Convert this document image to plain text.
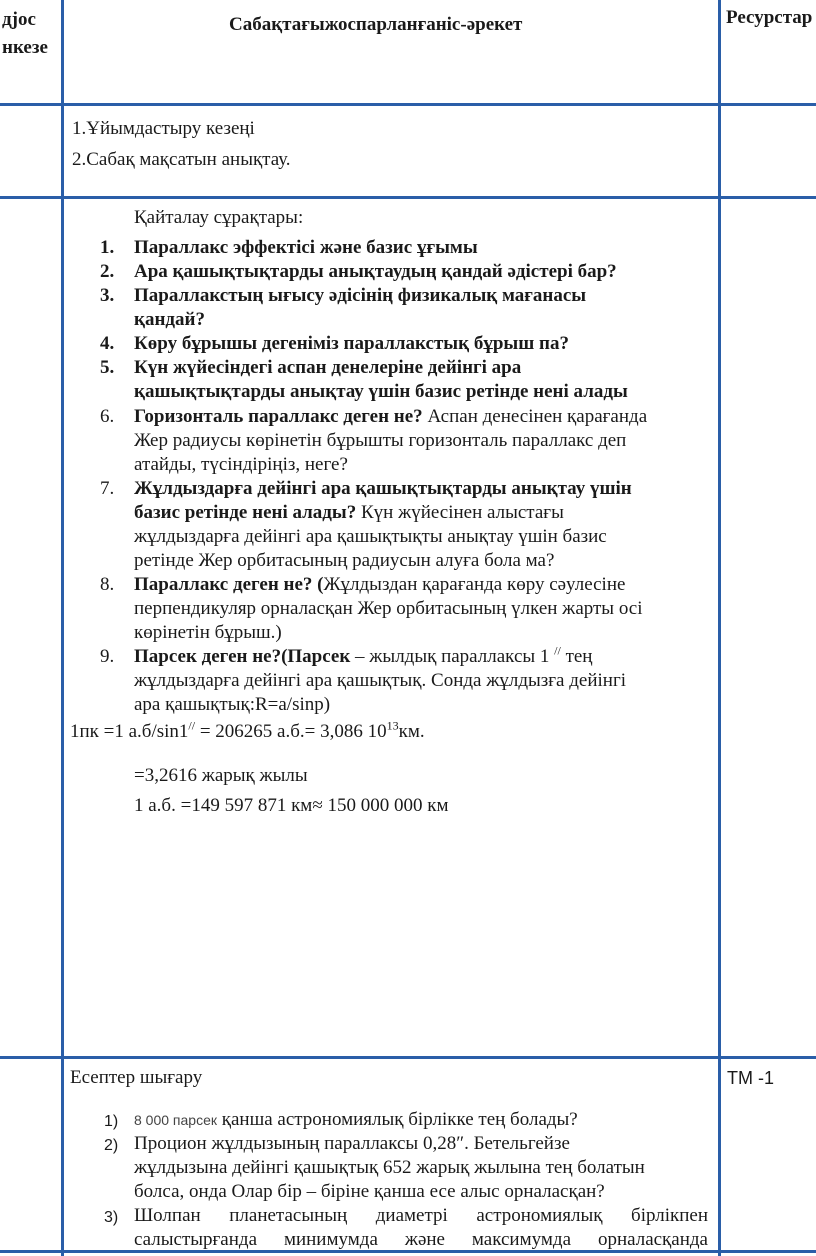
дjoc
нкезе
Сабақтағыжоспарланғаніс-әрекет	Ресурстар
1.Ұйымдастыру кезеңі
2.Сабақ мақсатын анықтау.
Қайталау сұрақтары:
1. Параллакс эффектісі және базис ұғымы
2. Ара қашықтықтарды анықтаудың қандай әдістері бар?
3. Параллакстың ығысу әдісінің физикалық мағанасы
қандай?
4. Көру бұрышы дегеніміз параллакстық бұрыш па?
5. Күн жүйесіндегі аспан денелеріне дейінгі ара
қашықтықтарды анықтау үшін базис ретінде нені алады
6. Горизонталь параллакс деген не? Аспан денесінен қарағанда
Жер радиусы көрінетін бұрышты горизонталь параллакс деп
атайды, түсіндіріңіз, неге?
7. Жұлдыздарға дейінгі ара қашықтықтарды анықтау үшін
базис ретінде нені алады? Күн жүйесінен алыстағы
жұлдыздарға дейінгі ара қашықтықты анықтау үшін базис
ретінде Жер орбитасының радиусын алуға бола ма?
8. Параллакс деген не? (Жұлдыздан қарағанда көру сәулесіне
перпендикуляр орналасқан Жер орбитасының үлкен жарты осі
көрінетін бұрыш.)
9. Парсек деген не?(Парсек – жылдық параллаксы 1 // тең
жұлдыздарға дейінгі ара қашықтық. Сонда жұлдызға дейінгі
ара қашықтық:R=a/sinp)
1пк =1 а.б/sin1// = 206265 а.б.= 3,086 $10^{13}км$.
=3,2616 жарық жылы
1 а.б. =149 597 871 км≈ 150 000 000 км
Есептер шығару	ТМ -1
1) 8 000 парсек қанша астрономиялық бірлікке тең болады?
2) Процион жұлдызының параллаксы 0,28″. Бетельгейзе
жұлдызына дейінгі қашықтық 652 жарық жылына тең болатын
болса, онда Олар бір – біріне қанша есе алыс орналасқан?
3) Шолпан планетасының диаметрі астрономиялық бірлікпен
салыстырғанда минимумда және максимумда орналасқанда
